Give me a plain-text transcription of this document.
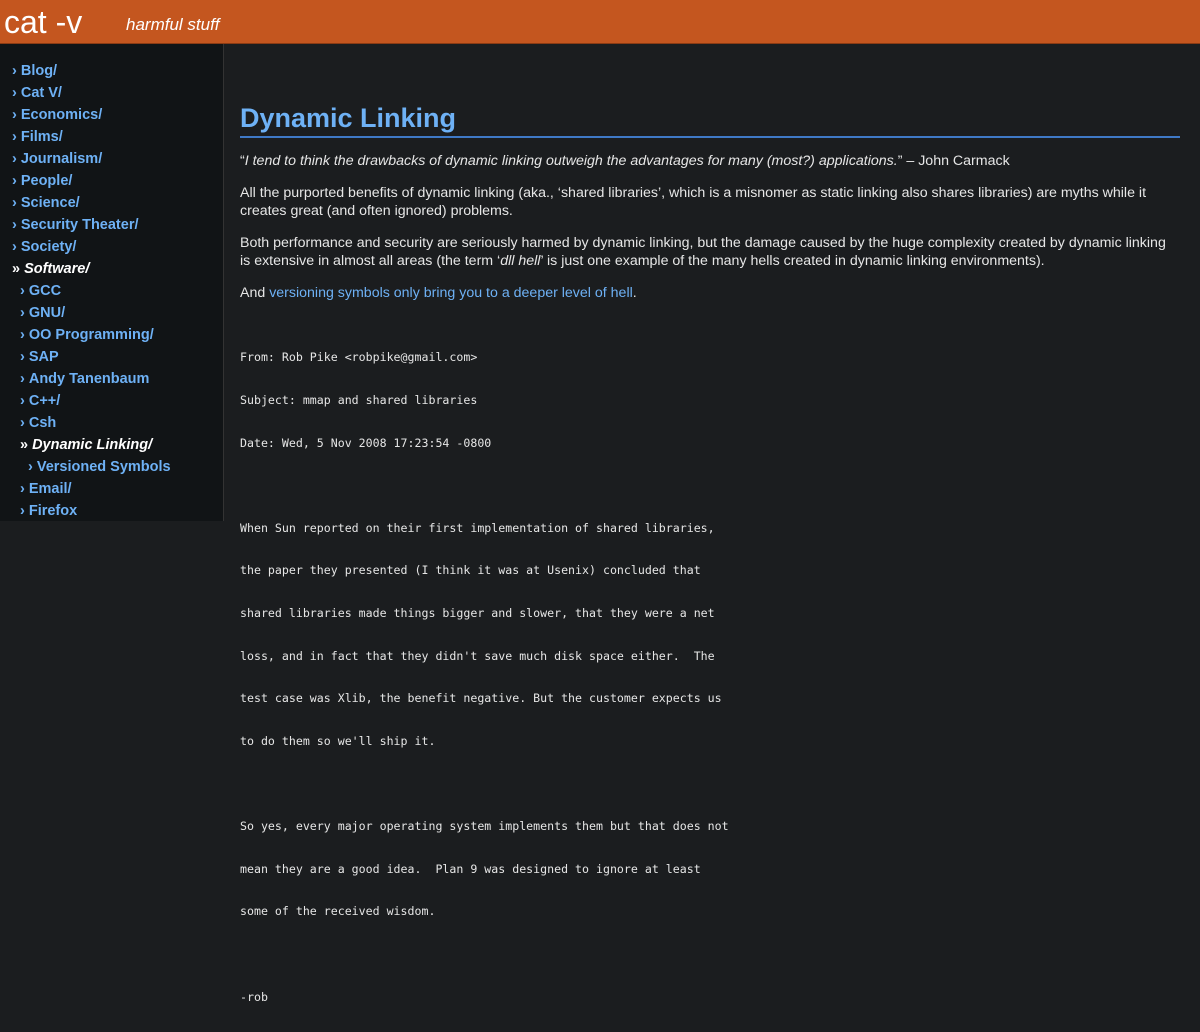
cat -v	harmful stuff
› Blog/
› Cat V/
› Economics/
› Films/
› Journalism/
› People/
› Science/
› Security Theater/
› Society/
» Software/
› GCC
› GNU/
› OO Programming/
› SAP
› Andy Tanenbaum
› C++/
› Csh
» Dynamic Linking/
› Versioned Symbols
› Email/
› Firefox
Dynamic Linking

“I tend to think the drawbacks of dynamic linking outweigh the advantages for many (most?) applications.” – John Carmack

All the purported benefits of dynamic linking (aka., ‘shared libraries’, which is a misnomer as static linking also shares libraries) are myths while it creates great (and often ignored) problems.

Both performance and security are seriously harmed by dynamic linking, but the damage caused by the huge complexity created by dynamic linking is extensive in almost all areas (the term ‘dll hell’ is just one example of the many hells created in dynamic linking environments).

And versioning symbols only bring you to a deeper level of hell.

From: Rob Pike <robpike@gmail.com>

Subject: mmap and shared libraries

Date: Wed, 5 Nov 2008 17:23:54 -0800

When Sun reported on their first implementation of shared libraries,

the paper they presented (I think it was at Usenix) concluded that

shared libraries made things bigger and slower, that they were a net

loss, and in fact that they didn't save much disk space either.  The

test case was Xlib, the benefit negative. But the customer expects us

to do them so we'll ship it.

So yes, every major operating system implements them but that does not

mean they are a good idea.  Plan 9 was designed to ignore at least

some of the received wisdom.

-rob
